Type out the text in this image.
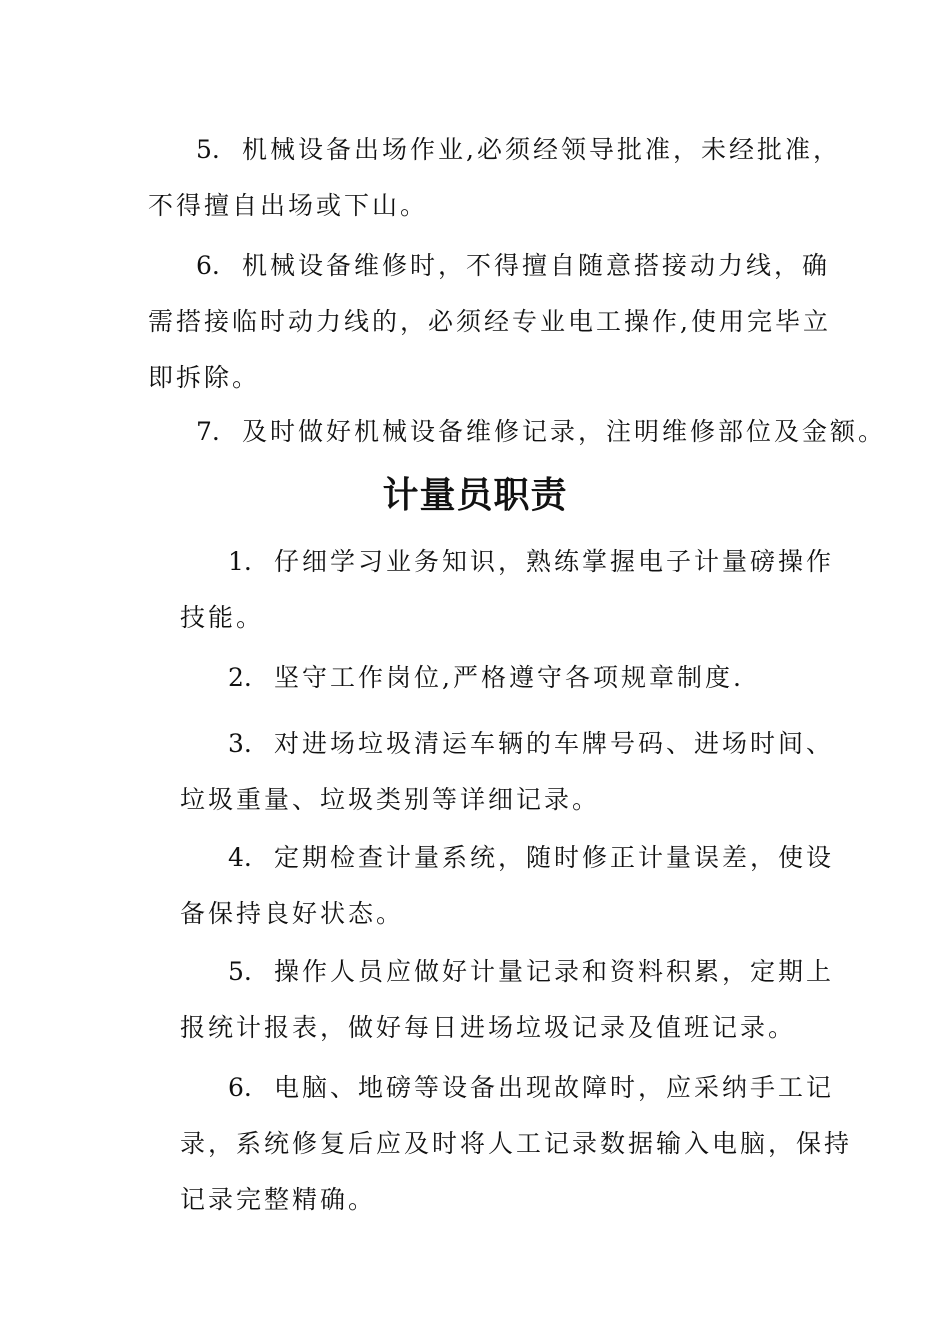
5. 机械设备出场作业,必须经领导批准，未经批准，
不得擅自出场或下山。
6. 机械设备维修时，不得擅自随意搭接动力线，确
需搭接临时动力线的，必须经专业电工操作,使用完毕立
即拆除。
7. 及时做好机械设备维修记录，注明维修部位及金额。
计量员职责
1. 仔细学习业务知识，熟练掌握电子计量磅操作
技能。
2. 坚守工作岗位,严格遵守各项规章制度.
3. 对进场垃圾清运车辆的车牌号码、进场时间、
垃圾重量、垃圾类别等详细记录。
4. 定期检查计量系统，随时修正计量误差，使设
备保持良好状态。
5. 操作人员应做好计量记录和资料积累，定期上
报统计报表，做好每日进场垃圾记录及值班记录。
6. 电脑、地磅等设备出现故障时，应采纳手工记
录，系统修复后应及时将人工记录数据输入电脑，保持
记录完整精确。
